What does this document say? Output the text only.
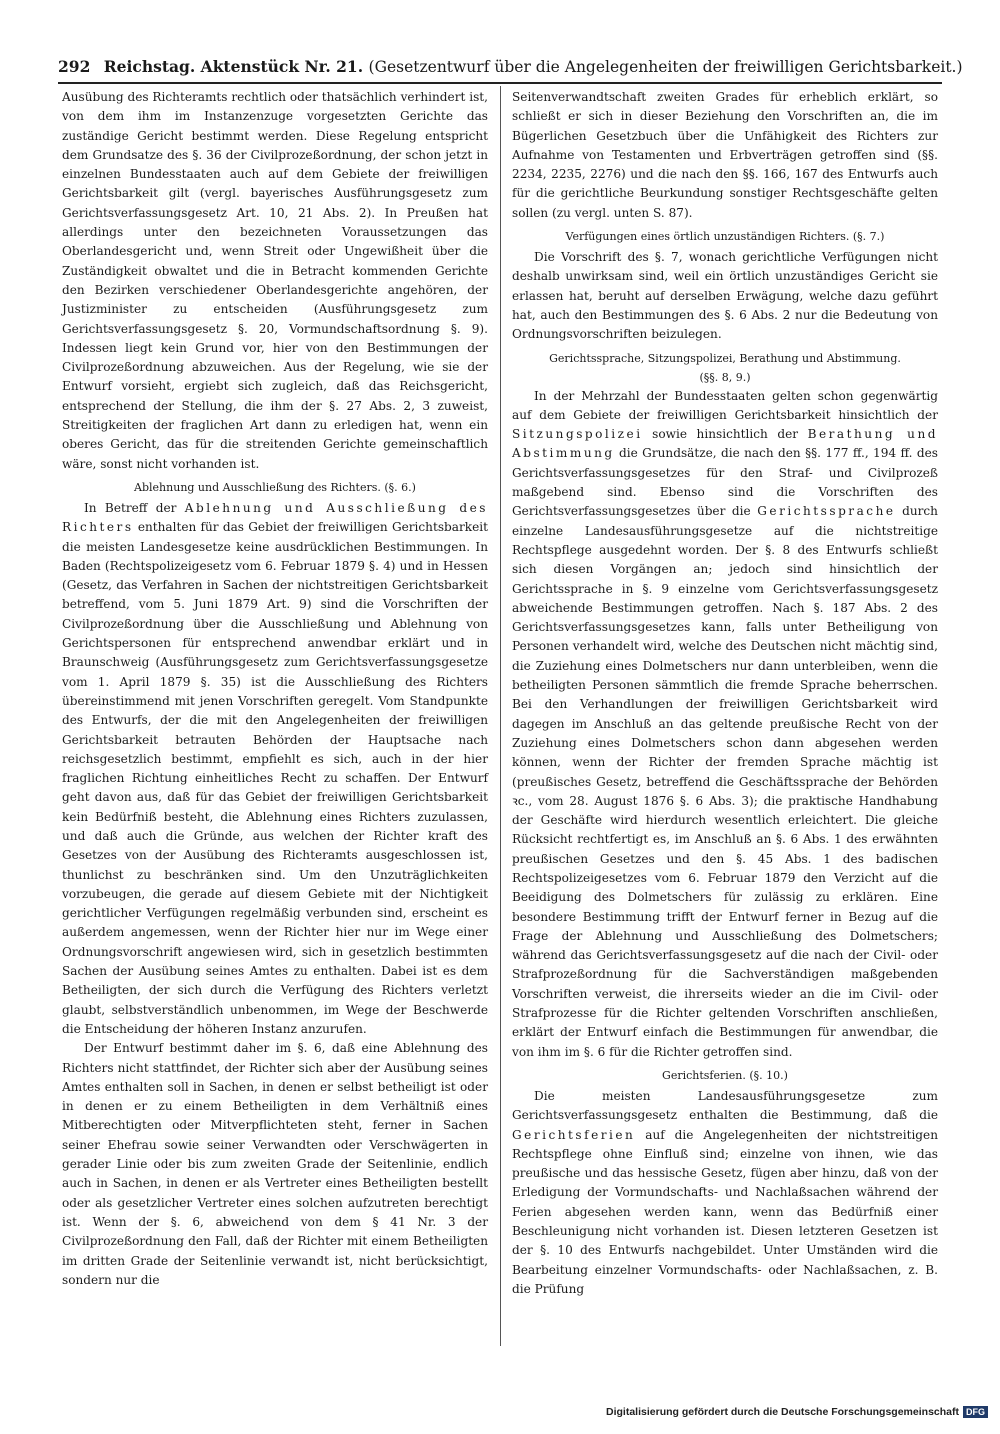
292 Reichstag. Aktenstück Nr. 21. (Gesetzentwurf über die Angelegenheiten der freiwilligen Gerichtsbarkeit.)

Ausübung des Richteramts rechtlich oder thatsächlich verhindert ist, von dem ihm im Instanzenzuge vorgesetzten Gerichte das zuständige Gericht bestimmt werden. Diese Regelung entspricht dem Grundsatze des §. 36 der Civilprozeßordnung, der schon jetzt in einzelnen Bundesstaaten auch auf dem Gebiete der freiwilligen Gerichtsbarkeit gilt (vergl. bayerisches Ausführungsgesetz zum Gerichtsverfassungsgesetz Art. 10, 21 Abs. 2). In Preußen hat allerdings unter den bezeichneten Voraussetzungen das Oberlandesgericht und, wenn Streit oder Ungewißheit über die Zuständigkeit obwaltet und die in Betracht kommenden Gerichte den Bezirken verschiedener Oberlandesgerichte angehören, der Justizminister zu entscheiden (Ausführungsgesetz zum Gerichtsverfassungsgesetz §. 20, Vormundschaftsordnung §. 9). Indessen liegt kein Grund vor, hier von den Bestimmungen der Civilprozeßordnung abzuweichen. Aus der Regelung, wie sie der Entwurf vorsieht, ergiebt sich zugleich, daß das Reichsgericht, entsprechend der Stellung, die ihm der §. 27 Abs. 2, 3 zuweist, Streitigkeiten der fraglichen Art dann zu erledigen hat, wenn ein oberes Gericht, das für die streitenden Gerichte gemeinschaftlich wäre, sonst nicht vorhanden ist.

Ablehnung und Ausschließung des Richters. (§. 6.)

In Betreff der Ablehnung und Ausschließung des Richters enthalten für das Gebiet der freiwilligen Gerichtsbarkeit die meisten Landesgesetze keine ausdrücklichen Bestimmungen. In Baden (Rechtspolizeigesetz vom 6. Februar 1879 §. 4) und in Hessen (Gesetz, das Verfahren in Sachen der nichtstreitigen Gerichtsbarkeit betreffend, vom 5. Juni 1879 Art. 9) sind die Vorschriften der Civilprozeßordnung über die Ausschließung und Ablehnung von Gerichtspersonen für entsprechend anwendbar erklärt und in Braunschweig (Ausführungsgesetz zum Gerichtsverfassungsgesetze vom 1. April 1879 §. 35) ist die Ausschließung des Richters übereinstimmend mit jenen Vorschriften geregelt. Vom Standpunkte des Entwurfs, der die mit den Angelegenheiten der freiwilligen Gerichtsbarkeit betrauten Behörden der Hauptsache nach reichsgesetzlich bestimmt, empfiehlt es sich, auch in der hier fraglichen Richtung einheitliches Recht zu schaffen. Der Entwurf geht davon aus, daß für das Gebiet der freiwilligen Gerichtsbarkeit kein Bedürfniß besteht, die Ablehnung eines Richters zuzulassen, und daß auch die Gründe, aus welchen der Richter kraft des Gesetzes von der Ausübung des Richteramts ausgeschlossen ist, thunlichst zu beschränken sind. Um den Unzuträglichkeiten vorzubeugen, die gerade auf diesem Gebiete mit der Nichtigkeit gerichtlicher Verfügungen regelmäßig verbunden sind, erscheint es außerdem angemessen, wenn der Richter hier nur im Wege einer Ordnungsvorschrift angewiesen wird, sich in gesetzlich bestimmten Sachen der Ausübung seines Amtes zu enthalten. Dabei ist es dem Betheiligten, der sich durch die Verfügung des Richters verletzt glaubt, selbstverständlich unbenommen, im Wege der Beschwerde die Entscheidung der höheren Instanz anzurufen.

Der Entwurf bestimmt daher im §. 6, daß eine Ablehnung des Richters nicht stattfindet, der Richter sich aber der Ausübung seines Amtes enthalten soll in Sachen, in denen er selbst betheiligt ist oder in denen er zu einem Betheiligten in dem Verhältniß eines Mitberechtigten oder Mitverpflichteten steht, ferner in Sachen seiner Ehefrau sowie seiner Verwandten oder Verschwägerten in gerader Linie oder bis zum zweiten Grade der Seitenlinie, endlich auch in Sachen, in denen er als Vertreter eines Betheiligten bestellt oder als gesetzlicher Vertreter eines solchen aufzutreten berechtigt ist. Wenn der §. 6, abweichend von dem § 41 Nr. 3 der Civilprozeßordnung den Fall, daß der Richter mit einem Betheiligten im dritten Grade der Seitenlinie verwandt ist, nicht berücksichtigt, sondern nur die

Seitenverwandtschaft zweiten Grades für erheblich erklärt, so schließt er sich in dieser Beziehung den Vorschriften an, die im Bügerlichen Gesetzbuch über die Unfähigkeit des Richters zur Aufnahme von Testamenten und Erbverträgen getroffen sind (§§. 2234, 2235, 2276) und die nach den §§. 166, 167 des Entwurfs auch für die gerichtliche Beurkundung sonstiger Rechtsgeschäfte gelten sollen (zu vergl. unten S. 87).

Verfügungen eines örtlich unzuständigen Richters. (§. 7.)

Die Vorschrift des §. 7, wonach gerichtliche Verfügungen nicht deshalb unwirksam sind, weil ein örtlich unzuständiges Gericht sie erlassen hat, beruht auf derselben Erwägung, welche dazu geführt hat, auch den Bestimmungen des §. 6 Abs. 2 nur die Bedeutung von Ordnungsvorschriften beizulegen.

Gerichtssprache, Sitzungspolizei, Berathung und Abstimmung.
(§§. 8, 9.)

In der Mehrzahl der Bundesstaaten gelten schon gegenwärtig auf dem Gebiete der freiwilligen Gerichtsbarkeit hinsichtlich der Sitzungspolizei sowie hinsichtlich der Berathung und Abstimmung die Grundsätze, die nach den §§. 177 ff., 194 ff. des Gerichtsverfassungsgesetzes für den Straf- und Civilprozeß maßgebend sind. Ebenso sind die Vorschriften des Gerichtsverfassungsgesetzes über die Gerichtssprache durch einzelne Landesausführungsgesetze auf die nichtstreitige Rechtspflege ausgedehnt worden. Der §. 8 des Entwurfs schließt sich diesen Vorgängen an; jedoch sind hinsichtlich der Gerichtssprache in §. 9 einzelne vom Gerichtsverfassungsgesetz abweichende Bestimmungen getroffen. Nach §. 187 Abs. 2 des Gerichtsverfassungsgesetzes kann, falls unter Betheiligung von Personen verhandelt wird, welche des Deutschen nicht mächtig sind, die Zuziehung eines Dolmetschers nur dann unterbleiben, wenn die betheiligten Personen sämmtlich die fremde Sprache beherrschen. Bei den Verhandlungen der freiwilligen Gerichtsbarkeit wird dagegen im Anschluß an das geltende preußische Recht von der Zuziehung eines Dolmetschers schon dann abgesehen werden können, wenn der Richter der fremden Sprache mächtig ist (preußisches Gesetz, betreffend die Geschäftssprache der Behörden ꝛc., vom 28. August 1876 §. 6 Abs. 3); die praktische Handhabung der Geschäfte wird hierdurch wesentlich erleichtert. Die gleiche Rücksicht rechtfertigt es, im Anschluß an §. 6 Abs. 1 des erwähnten preußischen Gesetzes und den §. 45 Abs. 1 des badischen Rechtspolizeigesetzes vom 6. Februar 1879 den Verzicht auf die Beeidigung des Dolmetschers für zulässig zu erklären. Eine besondere Bestimmung trifft der Entwurf ferner in Bezug auf die Frage der Ablehnung und Ausschließung des Dolmetschers; während das Gerichtsverfassungsgesetz auf die nach der Civil- oder Strafprozeßordnung für die Sachverständigen maßgebenden Vorschriften verweist, die ihrerseits wieder an die im Civil- oder Strafprozesse für die Richter geltenden Vorschriften anschließen, erklärt der Entwurf einfach die Bestimmungen für anwendbar, die von ihm im §. 6 für die Richter getroffen sind.

Gerichtsferien. (§. 10.)

Die meisten Landesausführungsgesetze zum Gerichtsverfassungsgesetz enthalten die Bestimmung, daß die Gerichtsferien auf die Angelegenheiten der nichtstreitigen Rechtspflege ohne Einfluß sind; einzelne von ihnen, wie das preußische und das hessische Gesetz, fügen aber hinzu, daß von der Erledigung der Vormundschafts- und Nachlaßsachen während der Ferien abgesehen werden kann, wenn das Bedürfniß einer Beschleunigung nicht vorhanden ist. Diesen letzteren Gesetzen ist der §. 10 des Entwurfs nachgebildet. Unter Umständen wird die Bearbeitung einzelner Vormundschafts- oder Nachlaßsachen, z. B. die Prüfung

Digitalisierung gefördert durch die Deutsche Forschungsgemeinschaft DFG
